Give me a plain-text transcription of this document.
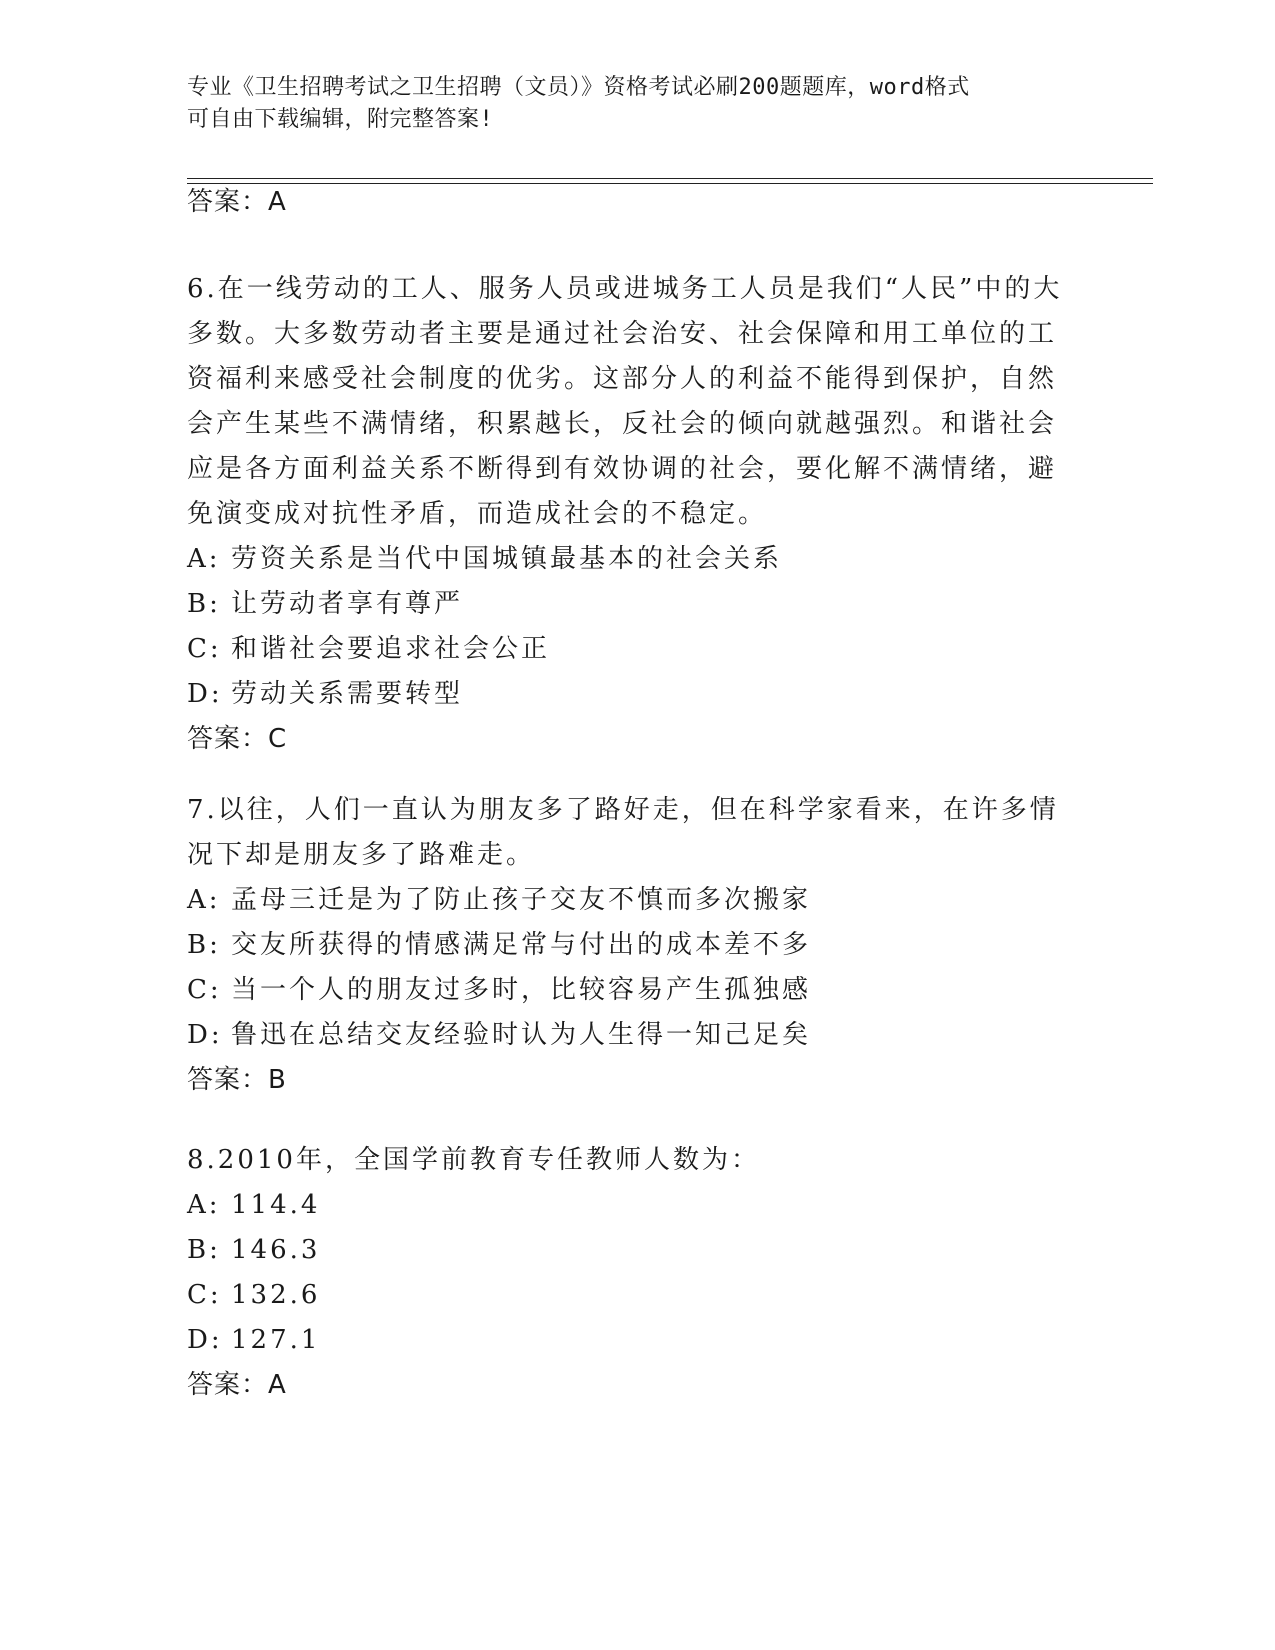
专业《卫生招聘考试之卫生招聘（文员）》资格考试必刷200题题库，word格式
可自由下载编辑，附完整答案!
答案：A

6.在一线劳动的工人、服务人员或进城务工人员是我们“人民”中的大多数。大多数劳动者主要是通过社会治安、社会保障和用工单位的工资福利来感受社会制度的优劣。这部分人的利益不能得到保护，自然会产生某些不满情绪，积累越长，反社会的倾向就越强烈。和谐社会应是各方面利益关系不断得到有效协调的社会，要化解不满情绪，避免演变成对抗性矛盾，而造成社会的不稳定。

A: 劳资关系是当代中国城镇最基本的社会关系

B: 让劳动者享有尊严

C: 和谐社会要追求社会公正

D: 劳动关系需要转型

答案：C

7.以往，人们一直认为朋友多了路好走，但在科学家看来，在许多情况下却是朋友多了路难走。

A: 孟母三迁是为了防止孩子交友不慎而多次搬家

B: 交友所获得的情感满足常与付出的成本差不多

C: 当一个人的朋友过多时，比较容易产生孤独感

D: 鲁迅在总结交友经验时认为人生得一知己足矣

答案：B

8.2010年，全国学前教育专任教师人数为：

A: 114.4

B: 146.3

C: 132.6

D: 127.1

答案：A
